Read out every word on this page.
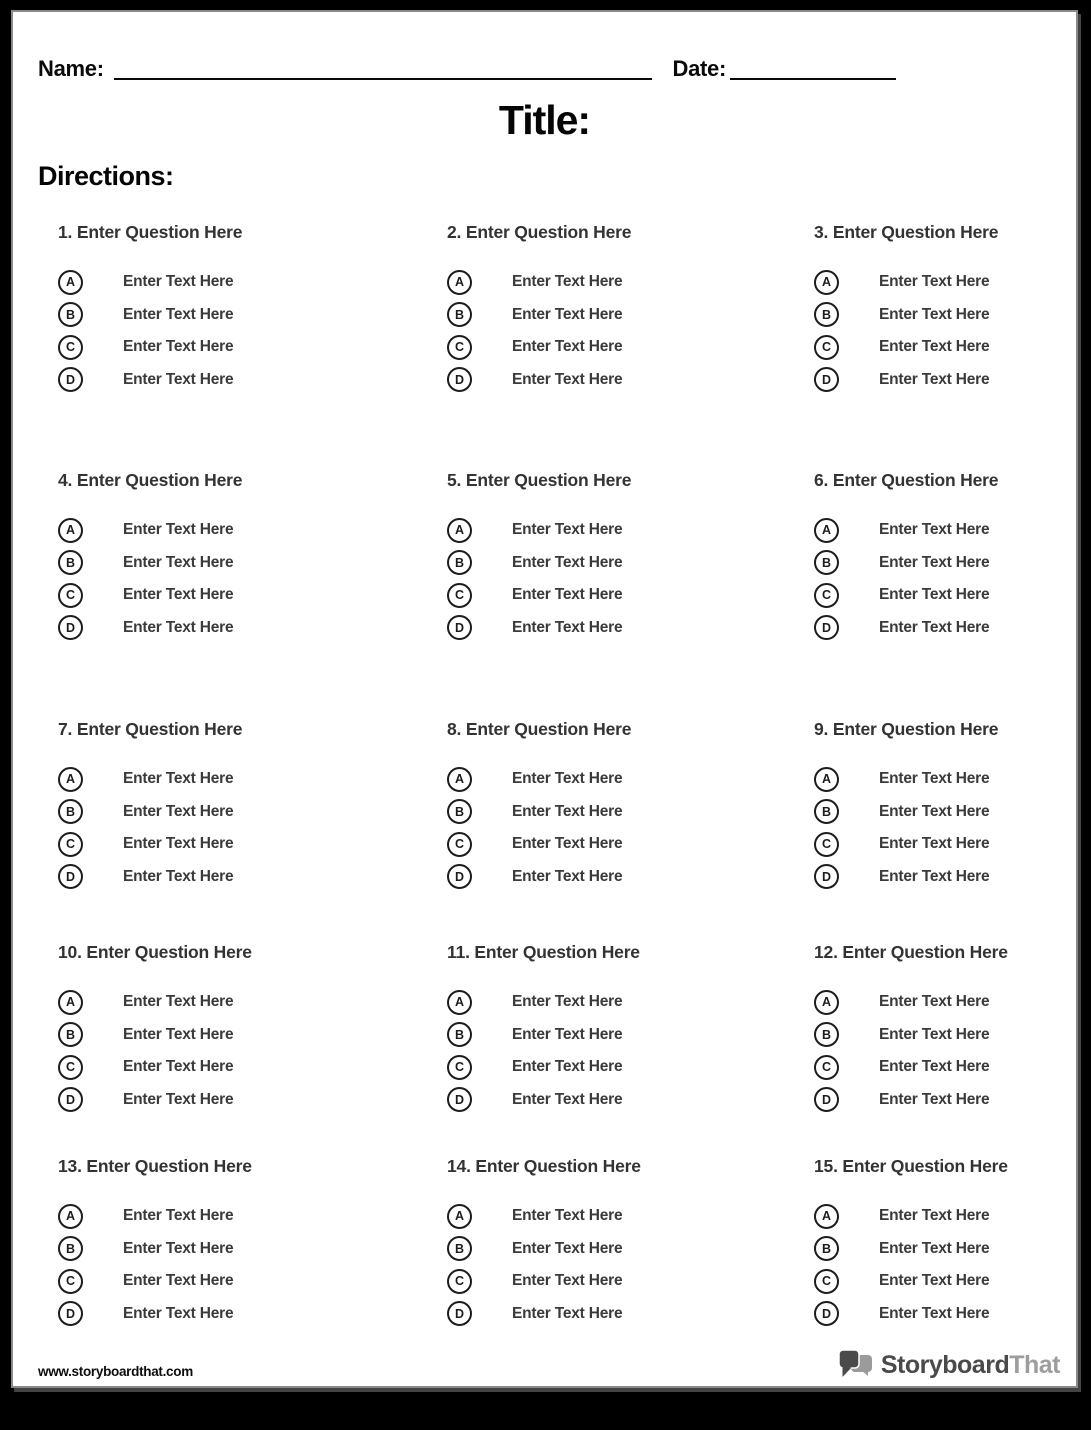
Name:	Date:
Title:
Directions:
1. Enter Question Here
A	Enter Text Here
B	Enter Text Here
C	Enter Text Here
D	Enter Text Here
2. Enter Question Here
A	Enter Text Here
B	Enter Text Here
C	Enter Text Here
D	Enter Text Here
3. Enter Question Here
A	Enter Text Here
B	Enter Text Here
C	Enter Text Here
D	Enter Text Here
4. Enter Question Here
A	Enter Text Here
B	Enter Text Here
C	Enter Text Here
D	Enter Text Here
5. Enter Question Here
A	Enter Text Here
B	Enter Text Here
C	Enter Text Here
D	Enter Text Here
6. Enter Question Here
A	Enter Text Here
B	Enter Text Here
C	Enter Text Here
D	Enter Text Here
7. Enter Question Here
A	Enter Text Here
B	Enter Text Here
C	Enter Text Here
D	Enter Text Here
8. Enter Question Here
A	Enter Text Here
B	Enter Text Here
C	Enter Text Here
D	Enter Text Here
9. Enter Question Here
A	Enter Text Here
B	Enter Text Here
C	Enter Text Here
D	Enter Text Here
10. Enter Question Here
A	Enter Text Here
B	Enter Text Here
C	Enter Text Here
D	Enter Text Here
11. Enter Question Here
A	Enter Text Here
B	Enter Text Here
C	Enter Text Here
D	Enter Text Here
12. Enter Question Here
A	Enter Text Here
B	Enter Text Here
C	Enter Text Here
D	Enter Text Here
13. Enter Question Here
A	Enter Text Here
B	Enter Text Here
C	Enter Text Here
D	Enter Text Here
14. Enter Question Here
A	Enter Text Here
B	Enter Text Here
C	Enter Text Here
D	Enter Text Here
15. Enter Question Here
A	Enter Text Here
B	Enter Text Here
C	Enter Text Here
D	Enter Text Here
www.storyboardthat.com	Storyboard That
